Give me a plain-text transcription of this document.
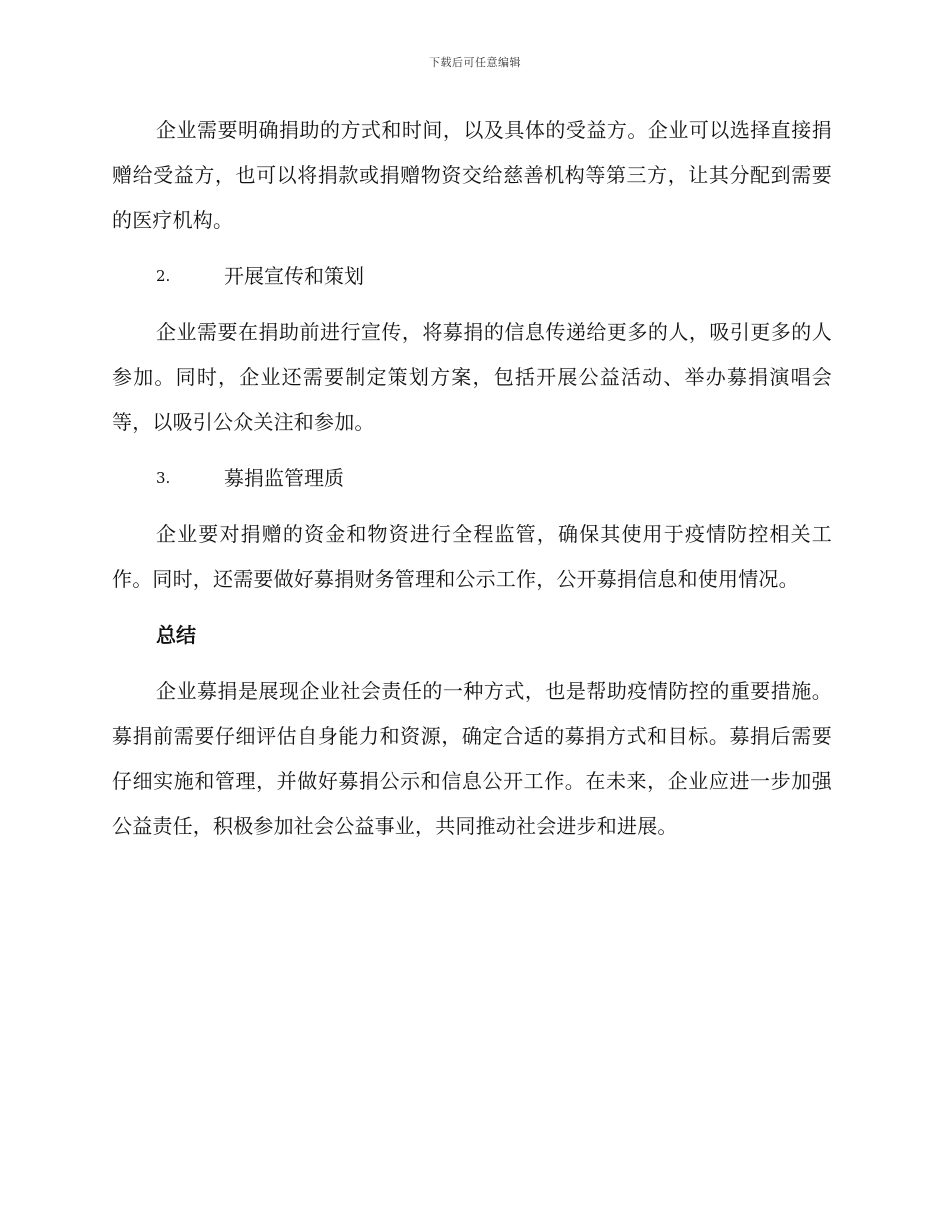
下载后可任意编辑

企业需要明确捐助的方式和时间，以及具体的受益方。企业可以选择直接捐赠给受益方，也可以将捐款或捐赠物资交给慈善机构等第三方，让其分配到需要的医疗机构。

2.	开展宣传和策划

企业需要在捐助前进行宣传，将募捐的信息传递给更多的人，吸引更多的人参加。同时，企业还需要制定策划方案，包括开展公益活动、举办募捐演唱会等，以吸引公众关注和参加。

3.	募捐监管理质

企业要对捐赠的资金和物资进行全程监管，确保其使用于疫情防控相关工作。同时，还需要做好募捐财务管理和公示工作，公开募捐信息和使用情况。

总结

企业募捐是展现企业社会责任的一种方式，也是帮助疫情防控的重要措施。募捐前需要仔细评估自身能力和资源，确定合适的募捐方式和目标。募捐后需要仔细实施和管理，并做好募捐公示和信息公开工作。在未来，企业应进一步加强公益责任，积极参加社会公益事业，共同推动社会进步和进展。
